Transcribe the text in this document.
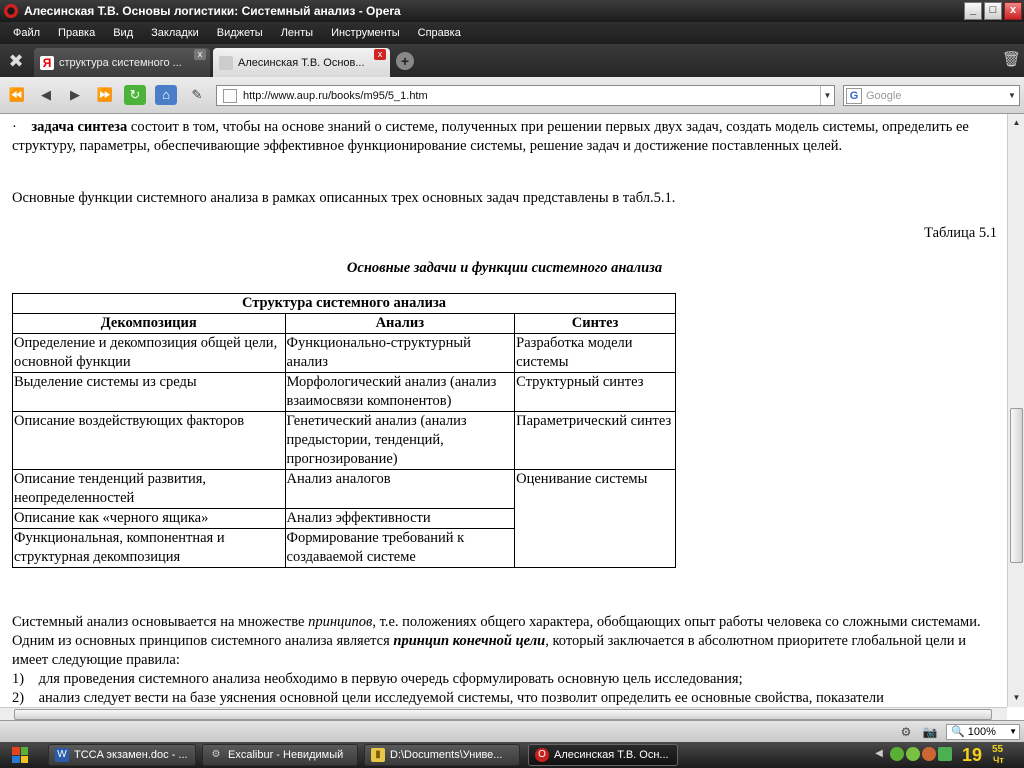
Алесинская Т.В. Основы логистики: Системный анализ - Opera	_	□	x
Файл	Правка	Вид	Закладки	Виджеты	Ленты	Инструменты	Справка
✖	Я структура системного ...
x
Алесинская Т.В. Основ...
x	+	🗑
⏪	◀	▶	⏩	↻	⌂	✎	http://www.aup.ru/books/m95/5_1.htm	▼	G Google	▼

· задача синтеза состоит в том, чтобы на основе знаний о системе, полученных при решении первых двух задач, создать модель системы, определить ее структуру, параметры, обеспечивающие эффективное функционирование системы, решение задач и достижение поставленных целей.

Основные функции системного анализа в рамках описанных трех основных задач представлены в табл.5.1.

Таблица 5.1

Основные задачи и функции системного анализа

Структура системного анализа		
Декомпозиция	Анализ	Синтез
Определение и декомпозиция общей цели, основной функции	Функционально-структурный анализ	Разработка модели системы
Выделение системы из среды	Морфологический анализ (анализ взаимосвязи компонентов)	Структурный синтез
Описание воздействующих факторов	Генетический анализ (анализ предыстории, тенденций, прогнозирование)	Параметрический синтез
Описание тенденций развития, неопределенностей	Анализ аналогов	Оценивание системы
Описание как «черного ящика»	Анализ эффективности	
Функциональная, компонентная и структурная декомпозиция	Формирование требований к создаваемой системе	

Системный анализ основывается на множестве принципов, т.е. положениях общего характера, обобщающих опыт работы человека со сложными системами. Одним из основных принципов системного анализа является принцип конечной цели, который заключается в абсолютном приоритете глобальной цели и имеет следующие правила:

1)    для проведения системного анализа необходимо в первую очередь сформулировать основную цель исследования;

2)    анализ следует вести на базе уяснения основной цели исследуемой системы, что позволит определить ее основные свойства, показатели

▲
▼
⚙ 📷	🔍 100% ▼
W TCCA экзамен.doc - ... ⚙ Excalibur - Невидимый	▮ D:\Documents\Униве...	O Алесинская Т.В. Осн...	◀	19 55
Чт
